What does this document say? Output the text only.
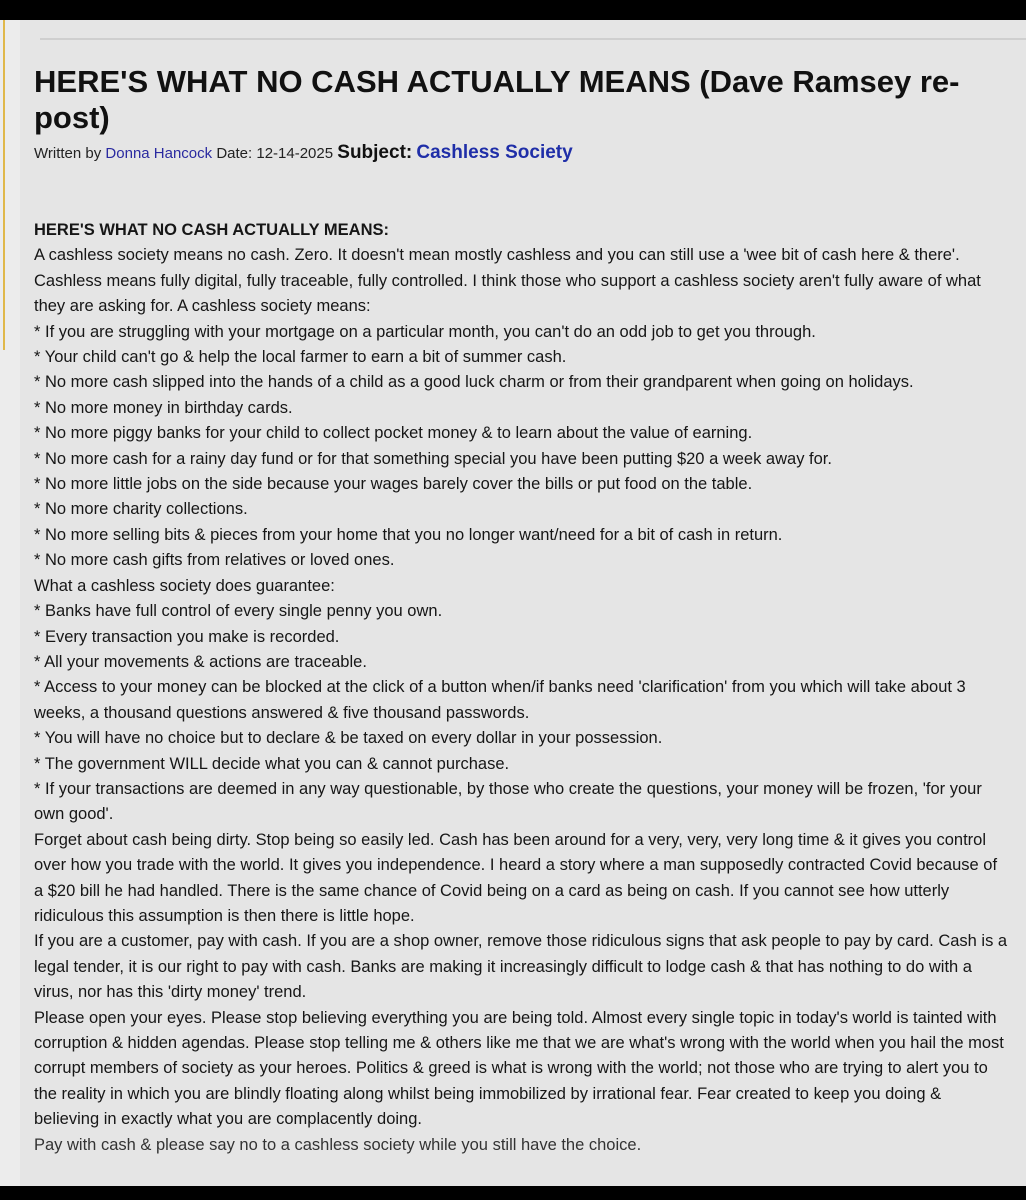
HERE'S WHAT NO CASH ACTUALLY MEANS (Dave Ramsey re-post)
Written by Donna Hancock Date: 12-14-2025 Subject: Cashless Society

HERE'S WHAT NO CASH ACTUALLY MEANS:

A cashless society means no cash. Zero. It doesn't mean mostly cashless and you can still use a 'wee bit of cash here & there'. Cashless means fully digital, fully traceable, fully controlled. I think those who support a cashless society aren't fully aware of what they are asking for. A cashless society means:

* If you are struggling with your mortgage on a particular month, you can't do an odd job to get you through.

* Your child can't go & help the local farmer to earn a bit of summer cash.

* No more cash slipped into the hands of a child as a good luck charm or from their grandparent when going on holidays.

* No more money in birthday cards.

* No more piggy banks for your child to collect pocket money & to learn about the value of earning.

* No more cash for a rainy day fund or for that something special you have been putting $20 a week away for.

* No more little jobs on the side because your wages barely cover the bills or put food on the table.

* No more charity collections.

* No more selling bits & pieces from your home that you no longer want/need for a bit of cash in return.

* No more cash gifts from relatives or loved ones.

What a cashless society does guarantee:

* Banks have full control of every single penny you own.

* Every transaction you make is recorded.

* All your movements & actions are traceable.

* Access to your money can be blocked at the click of a button when/if banks need 'clarification' from you which will take about 3 weeks, a thousand questions answered & five thousand passwords.

* You will have no choice but to declare & be taxed on every dollar in your possession.

* The government WILL decide what you can & cannot purchase.

* If your transactions are deemed in any way questionable, by those who create the questions, your money will be frozen, 'for your own good'.

Forget about cash being dirty. Stop being so easily led. Cash has been around for a very, very, very long time & it gives you control over how you trade with the world. It gives you independence. I heard a story where a man supposedly contracted Covid because of a $20 bill he had handled. There is the same chance of Covid being on a card as being on cash. If you cannot see how utterly ridiculous this assumption is then there is little hope.

If you are a customer, pay with cash. If you are a shop owner, remove those ridiculous signs that ask people to pay by card. Cash is a legal tender, it is our right to pay with cash. Banks are making it increasingly difficult to lodge cash & that has nothing to do with a virus, nor has this 'dirty money' trend.

Please open your eyes. Please stop believing everything you are being told. Almost every single topic in today's world is tainted with corruption & hidden agendas. Please stop telling me & others like me that we are what's wrong with the world when you hail the most corrupt members of society as your heroes. Politics & greed is what is wrong with the world; not those who are trying to alert you to the reality in which you are blindly floating along whilst being immobilized by irrational fear. Fear created to keep you doing & believing in exactly what you are complacently doing.

Pay with cash & please say no to a cashless society while you still have the choice.
